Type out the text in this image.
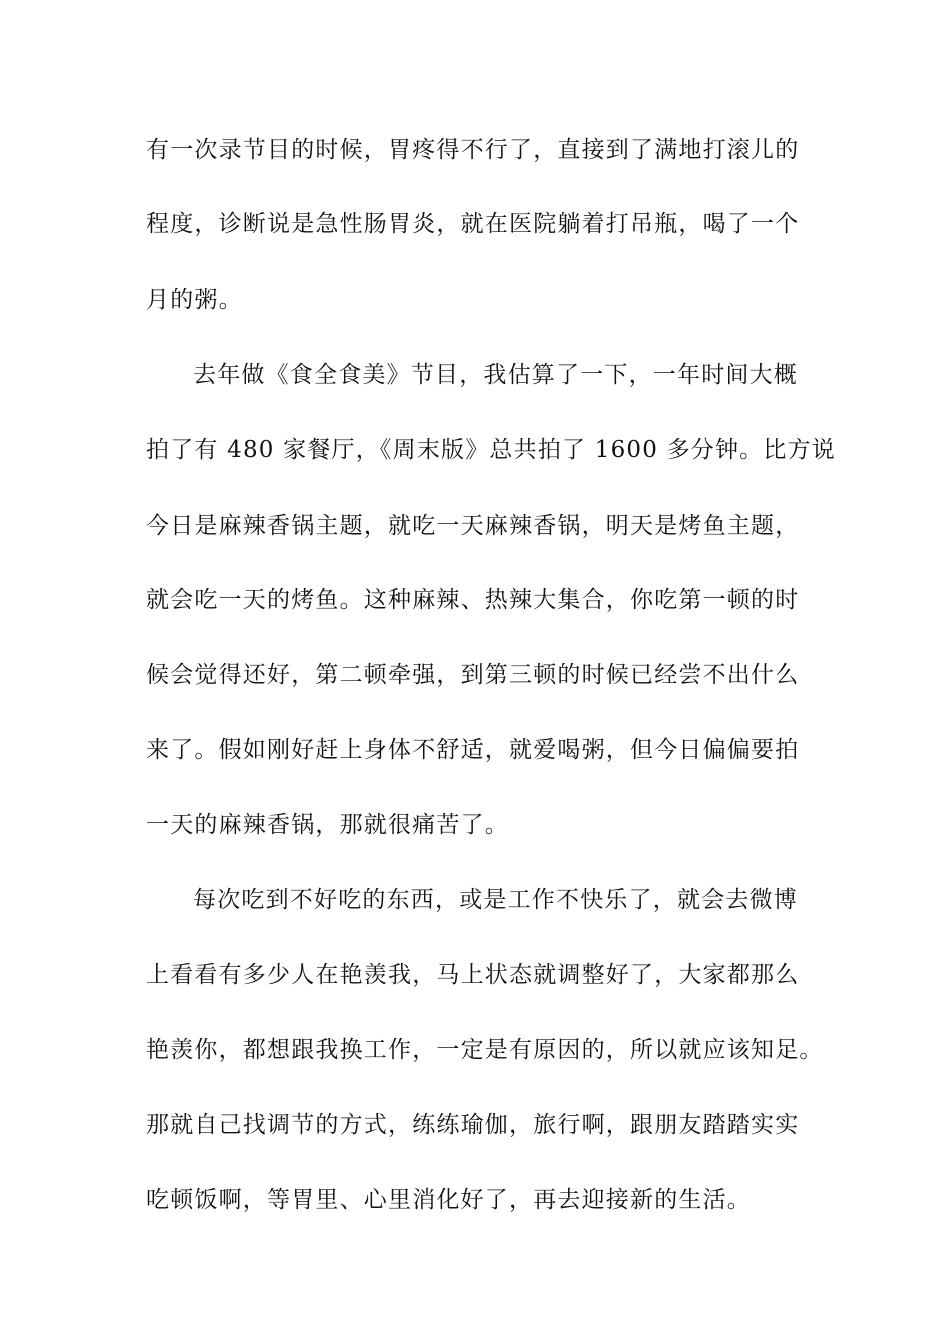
有一次录节目的时候，胃疼得不行了，直接到了满地打滚儿的
程度，诊断说是急性肠胃炎，就在医院躺着打吊瓶，喝了一个
月的粥。
去年做《食全食美》节目，我估算了一下，一年时间大概
拍了有 480 家餐厅，《周末版》总共拍了 1600 多分钟。比方说
今日是麻辣香锅主题，就吃一天麻辣香锅，明天是烤鱼主题，
就会吃一天的烤鱼。这种麻辣、热辣大集合，你吃第一顿的时
候会觉得还好，第二顿牵强，到第三顿的时候已经尝不出什么
来了。假如刚好赶上身体不舒适，就爱喝粥，但今日偏偏要拍
一天的麻辣香锅，那就很痛苦了。
每次吃到不好吃的东西，或是工作不快乐了，就会去微博
上看看有多少人在艳羡我，马上状态就调整好了，大家都那么
艳羡你，都想跟我换工作，一定是有原因的，所以就应该知足。
那就自己找调节的方式，练练瑜伽，旅行啊，跟朋友踏踏实实
吃顿饭啊，等胃里、心里消化好了，再去迎接新的生活。
